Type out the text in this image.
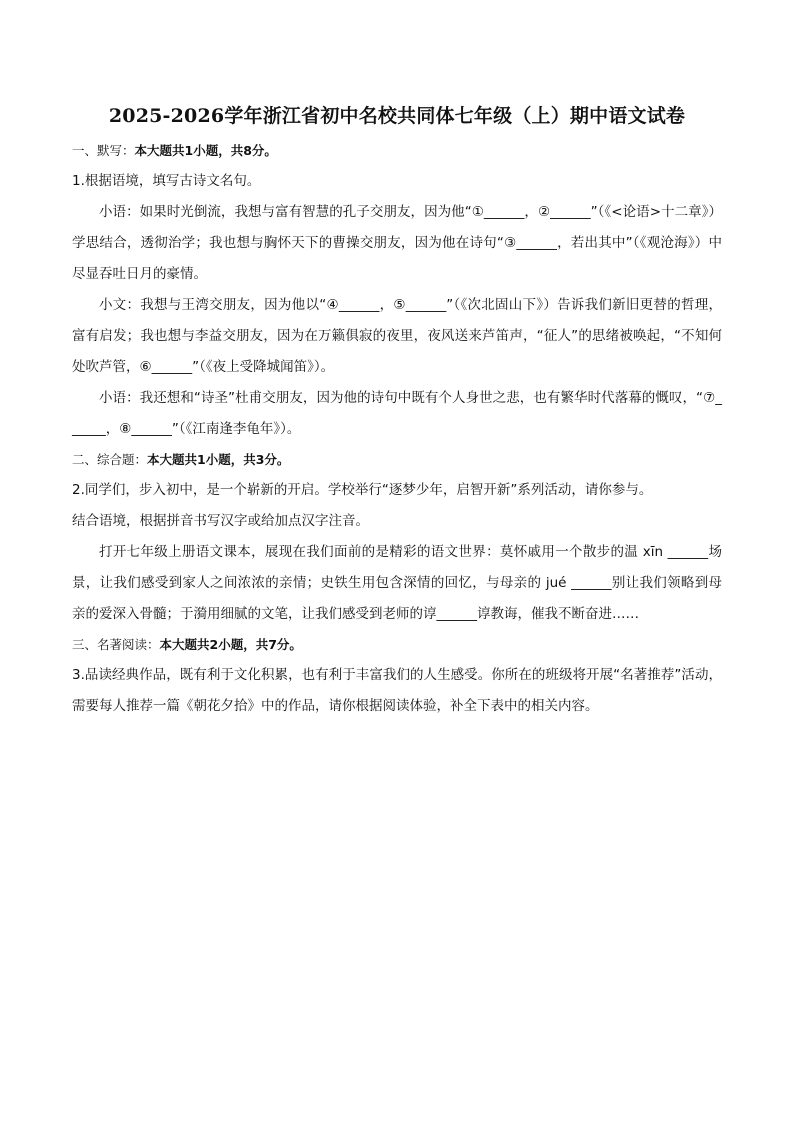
2025-2026学年浙江省初中名校共同体七年级（上）期中语文试卷
一、默写：本大题共1小题，共8分。

1.根据语境，填写古诗文名句。

小语：如果时光倒流，我想与富有智慧的孔子交朋友，因为他“①______，②______”（《<论语>十二章》）学思结合，透彻治学；我也想与胸怀天下的曹操交朋友，因为他在诗句“③______，若出其中”（《观沧海》）中尽显吞吐日月的豪情。

小文：我想与王湾交朋友，因为他以“④______，⑤______”（《次北固山下》）告诉我们新旧更替的哲理，富有启发；我也想与李益交朋友，因为在万籁俱寂的夜里，夜风送来芦笛声，“征人”的思绪被唤起，“不知何处吹芦管，⑥______”（《夜上受降城闻笛》）。

小语：我还想和“诗圣”杜甫交朋友，因为他的诗句中既有个人身世之悲，也有繁华时代落幕的慨叹，“⑦______，⑧______”（《江南逢李龟年》）。

二、综合题：本大题共1小题，共3分。

2.同学们，步入初中，是一个崭新的开启。学校举行“逐梦少年，启智开新”系列活动，请你参与。

结合语境，根据拼音书写汉字或给加点汉字注音。

打开七年级上册语文课本，展现在我们面前的是精彩的语文世界：莫怀戚用一个散步的温 xīn ______场景，让我们感受到家人之间浓浓的亲情；史铁生用包含深情的回忆，与母亲的 jué ______别让我们领略到母亲的爱深入骨髓；于漪用细腻的文笔，让我们感受到老师的谆______谆教诲，催我不断奋进……

三、名著阅读：本大题共2小题，共7分。

3.品读经典作品，既有利于文化积累，也有利于丰富我们的人生感受。你所在的班级将开展“名著推荐”活动，需要每人推荐一篇《朝花夕拾》中的作品，请你根据阅读体验，补全下表中的相关内容。
